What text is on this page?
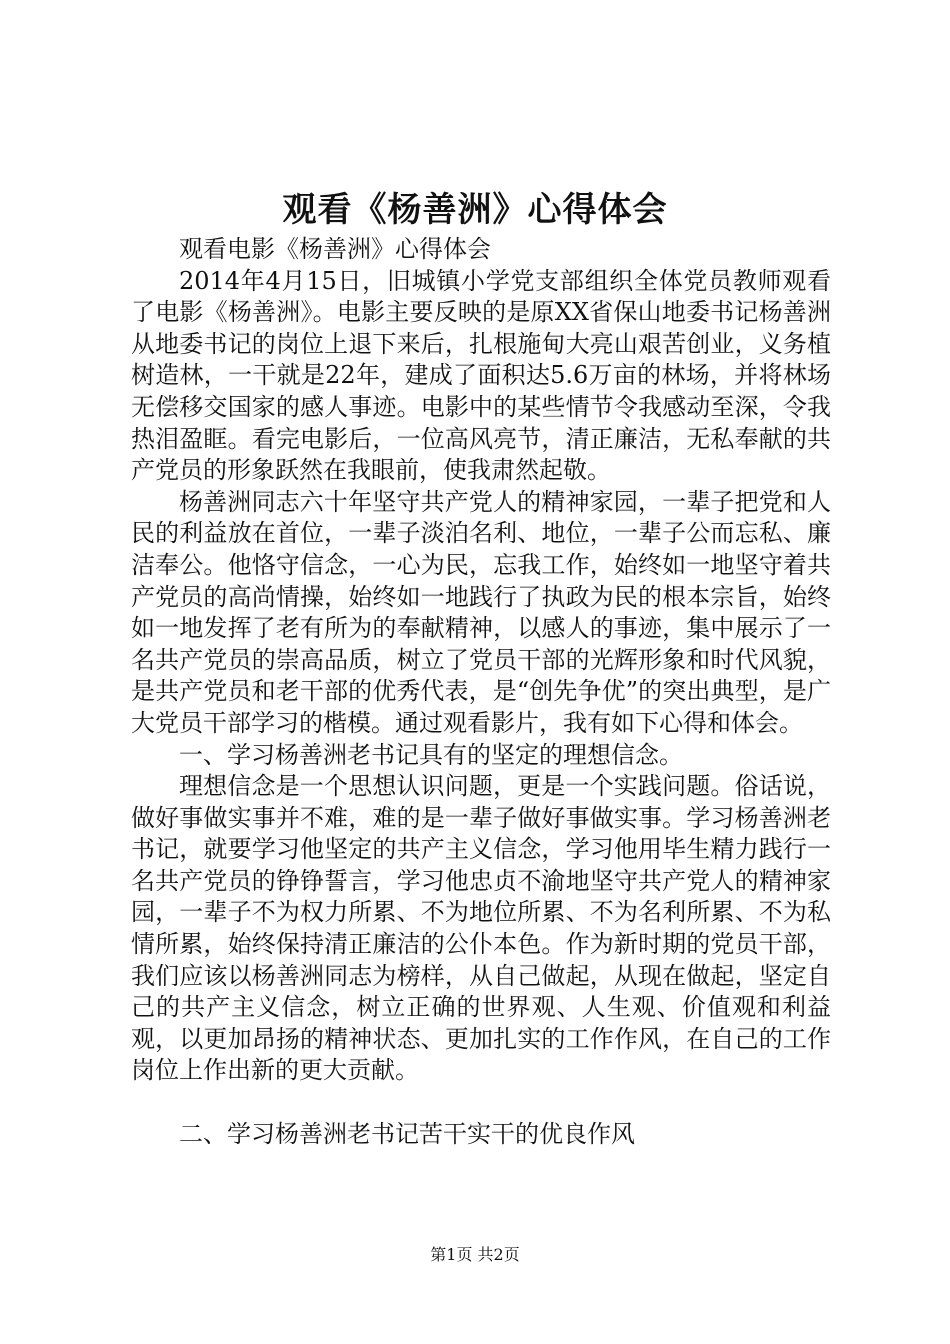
观看《杨善洲》心得体会

观看电影《杨善洲》心得体会

2014年4月15日，旧城镇小学党支部组织全体党员教师观看了电影《杨善洲》。电影主要反映的是原XX省保山地委书记杨善洲从地委书记的岗位上退下来后，扎根施甸大亮山艰苦创业，义务植树造林，一干就是22年，建成了面积达5.6万亩的林场，并将林场无偿移交国家的感人事迹。电影中的某些情节令我感动至深，令我热泪盈眶。看完电影后，一位高风亮节，清正廉洁，无私奉献的共产党员的形象跃然在我眼前，使我肃然起敬。

杨善洲同志六十年坚守共产党人的精神家园，一辈子把党和人民的利益放在首位，一辈子淡泊名利、地位，一辈子公而忘私、廉洁奉公。他恪守信念，一心为民，忘我工作，始终如一地坚守着共产党员的高尚情操，始终如一地践行了执政为民的根本宗旨，始终如一地发挥了老有所为的奉献精神，以感人的事迹，集中展示了一名共产党员的崇高品质，树立了党员干部的光辉形象和时代风貌，是共产党员和老干部的优秀代表，是“创先争优”的突出典型，是广大党员干部学习的楷模。通过观看影片，我有如下心得和体会。

一、学习杨善洲老书记具有的坚定的理想信念。

理想信念是一个思想认识问题，更是一个实践问题。俗话说，做好事做实事并不难，难的是一辈子做好事做实事。学习杨善洲老书记，就要学习他坚定的共产主义信念，学习他用毕生精力践行一名共产党员的铮铮誓言，学习他忠贞不渝地坚守共产党人的精神家园，一辈子不为权力所累、不为地位所累、不为名利所累、不为私情所累，始终保持清正廉洁的公仆本色。作为新时期的党员干部，我们应该以杨善洲同志为榜样，从自己做起，从现在做起，坚定自己的共产主义信念，树立正确的世界观、人生观、价值观和利益观，以更加昂扬的精神状态、更加扎实的工作作风，在自己的工作岗位上作出新的更大贡献。

二、学习杨善洲老书记苦干实干的优良作风

第1页 共2页
